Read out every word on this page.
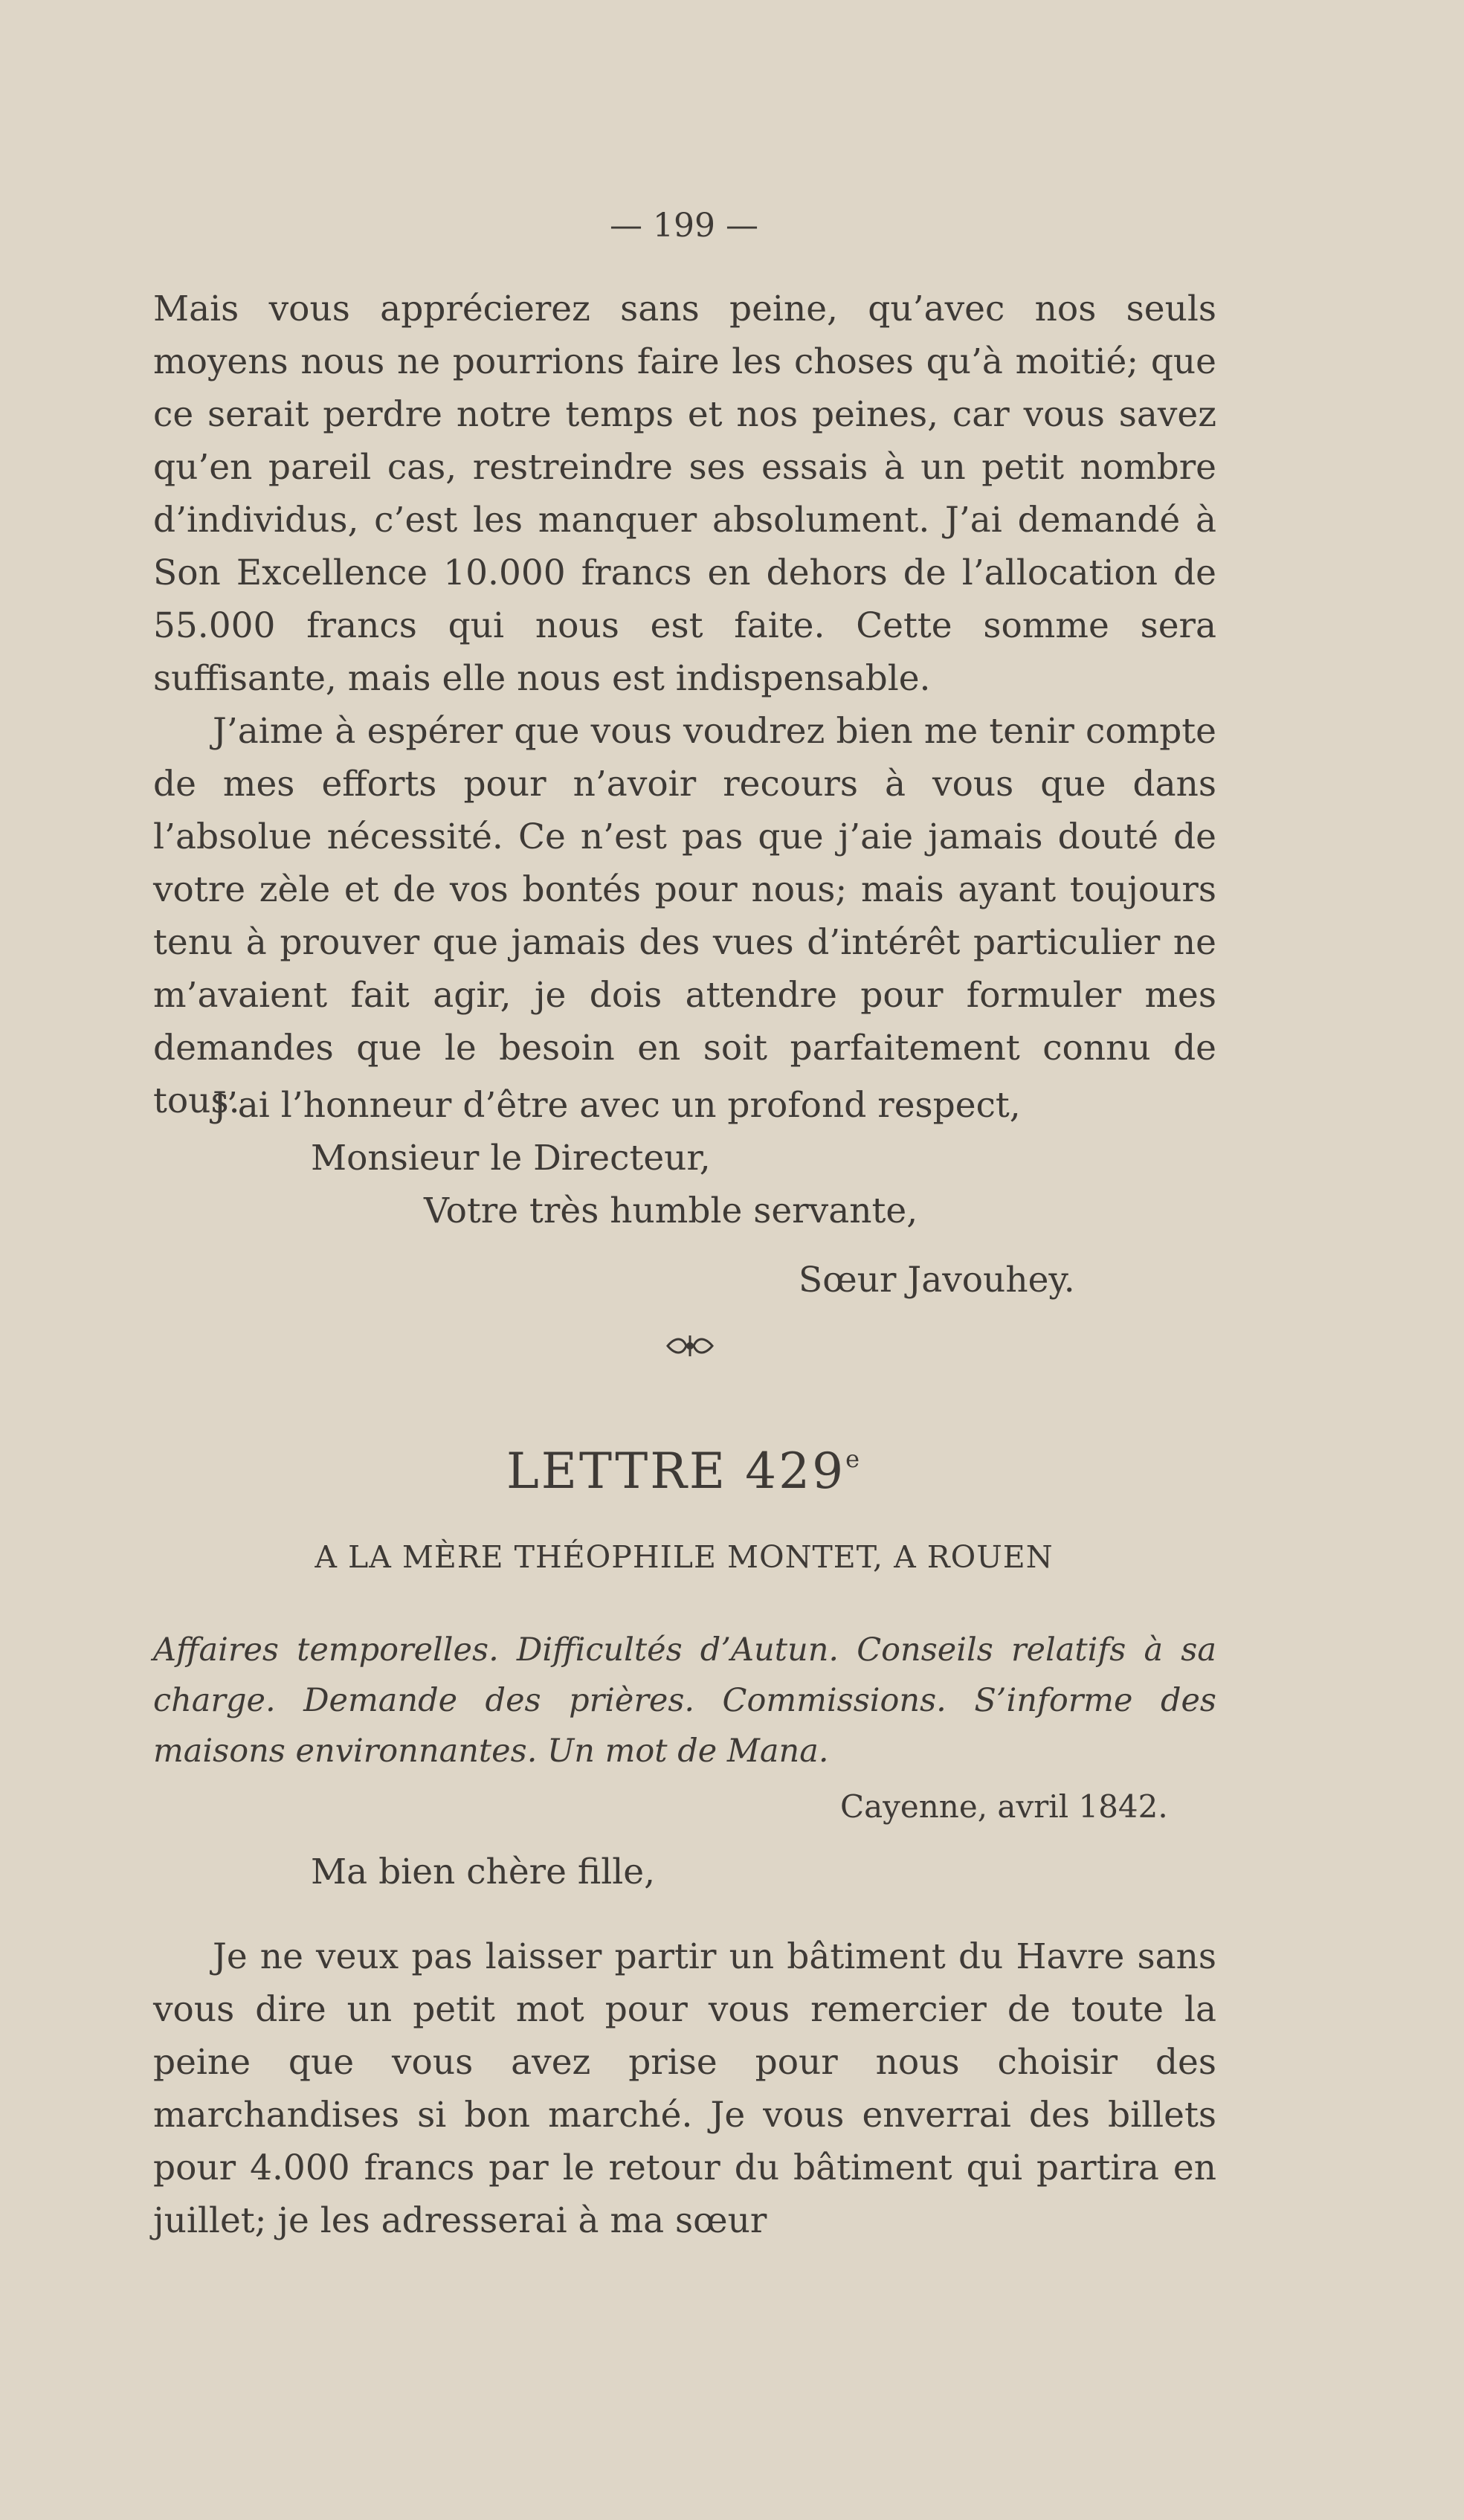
— 199 —

Mais vous apprécierez sans peine, qu’avec nos seuls moyens nous ne pourrions faire les choses qu’à moitié; que ce serait perdre notre temps et nos peines, car vous savez qu’en pareil cas, restreindre ses essais à un petit nombre d’individus, c’est les manquer absolument. J’ai demandé à Son Excellence 10.000 francs en dehors de l’allocation de 55.000 francs qui nous est faite. Cette somme sera suffisante, mais elle nous est indispensable.

J’aime à espérer que vous voudrez bien me tenir compte de mes efforts pour n’avoir recours à vous que dans l’absolue nécessité. Ce n’est pas que j’aie jamais douté de votre zèle et de vos bontés pour nous; mais ayant toujours tenu à prouver que jamais des vues d’intérêt particulier ne m’avaient fait agir, je dois attendre pour formuler mes demandes que le besoin en soit parfaitement connu de tous.

J’ai l’honneur d’être avec un profond respect,
Monsieur le Directeur,
Votre très humble servante,
Sœur Javouhey.
LETTRE 429e
A LA MÈRE THÉOPHILE MONTET, A ROUEN
Affaires temporelles. Difficultés d’Autun. Conseils relatifs à sa charge. Demande des prières. Commissions. S’informe des maisons environnantes. Un mot de Mana.
Cayenne, avril 1842.
Ma bien chère fille,

Je ne veux pas laisser partir un bâtiment du Havre sans vous dire un petit mot pour vous remercier de toute la peine que vous avez prise pour nous choisir des marchandises si bon marché. Je vous enverrai des billets pour 4.000 francs par le retour du bâtiment qui partira en juillet; je les adresserai à ma sœur
